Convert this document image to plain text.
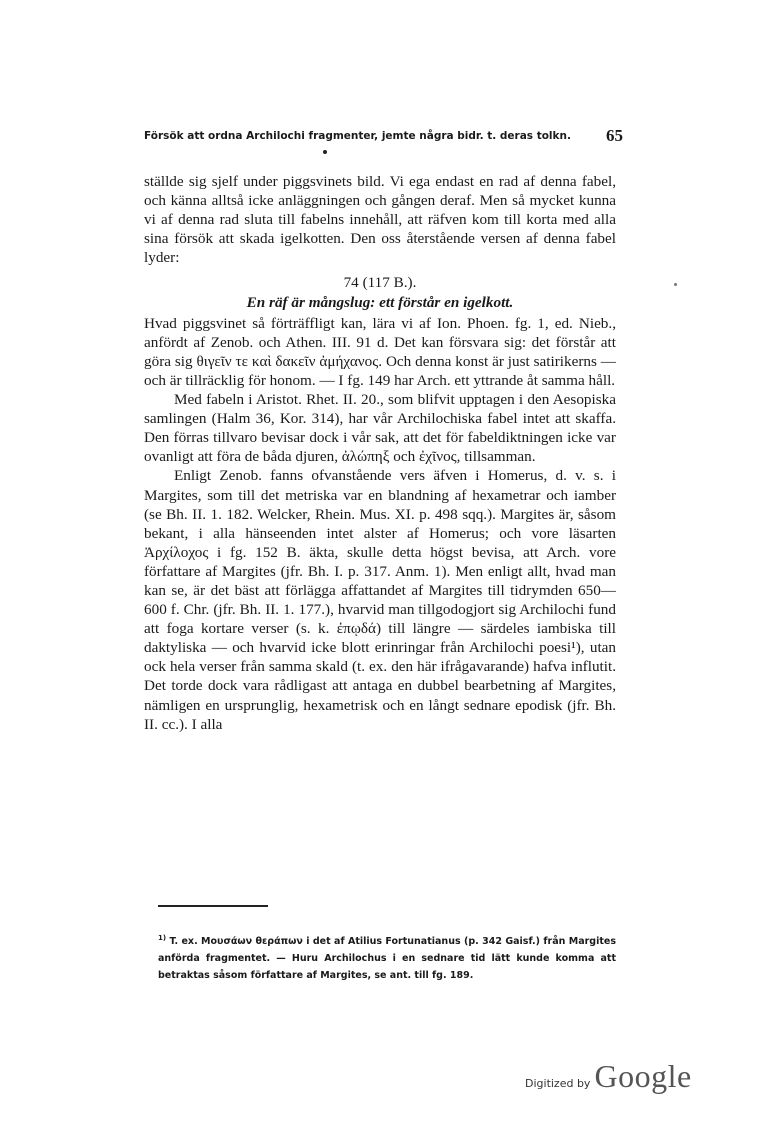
Försök att ordna Archilochi fragmenter, jemte några bidr. t. deras tolkn.	65

ställde sig sjelf under piggsvinets bild. Vi ega endast en rad af denna fabel, och känna alltså icke anläggningen och gången deraf. Men så mycket kunna vi af denna rad sluta till fabelns innehåll, att räfven kom till korta med alla sina försök att skada igelkotten. Den oss återstående versen af denna fabel lyder:

74 (117 B.).

En räf är mångslug: ett förstår en igelkott.

Hvad piggsvinet så förträffligt kan, lära vi af Ion. Phoen. fg. 1, ed. Nieb., anfördt af Zenob. och Athen. III. 91 d. Det kan försvara sig: det förstår att göra sig θιγεῖν τε καὶ δακεῖν ἀμήχανος. Och denna konst är just satirikerns — och är tillräcklig för honom. — I fg. 149 har Arch. ett yttrande åt samma håll.

Med fabeln i Aristot. Rhet. II. 20., som blifvit upptagen i den Aesopiska samlingen (Halm 36, Kor. 314), har vår Archilochiska fabel intet att skaffa. Den förras tillvaro bevisar dock i vår sak, att det för fabeldiktningen icke var ovanligt att föra de båda djuren, ἀλώπηξ och ἐχῖνος, tillsamman.

Enligt Zenob. fanns ofvanstående vers äfven i Homerus, d. v. s. i Margites, som till det metriska var en blandning af hexametrar och iamber (se Bh. II. 1. 182. Welcker, Rhein. Mus. XI. p. 498 sqq.). Margites är, såsom bekant, i alla hänseenden intet alster af Homerus; och vore läsarten Ἀρχίλοχος i fg. 152 B. äkta, skulle detta högst bevisa, att Arch. vore författare af Margites (jfr. Bh. I. p. 317. Anm. 1). Men enligt allt, hvad man kan se, är det bäst att förlägga affattandet af Margites till tidrymden 650—600 f. Chr. (jfr. Bh. II. 1. 177.), hvarvid man tillgodogjort sig Archilochi fund att foga kortare verser (s. k. ἐπῳδά) till längre — särdeles iambiska till daktyliska — och hvarvid icke blott erinringar från Archilochi poesi¹), utan ock hela verser från samma skald (t. ex. den här ifrågavarande) hafva influtit. Det torde dock vara rådligast att antaga en dubbel bearbetning af Margites, nämligen en ursprunglig, hexametrisk och en långt sednare epodisk (jfr. Bh. II. cc.). I alla

$^{1)}$ T. ex. Μουσάων θεράπων i det af Atilius Fortunatianus (p. 342 Gaisf.) från Margites anförda fragmentet. — Huru Archilochus i en sednare tid lätt kunde komma att betraktas såsom författare af Margites, se ant. till fg. 189.
Digitized by Google
